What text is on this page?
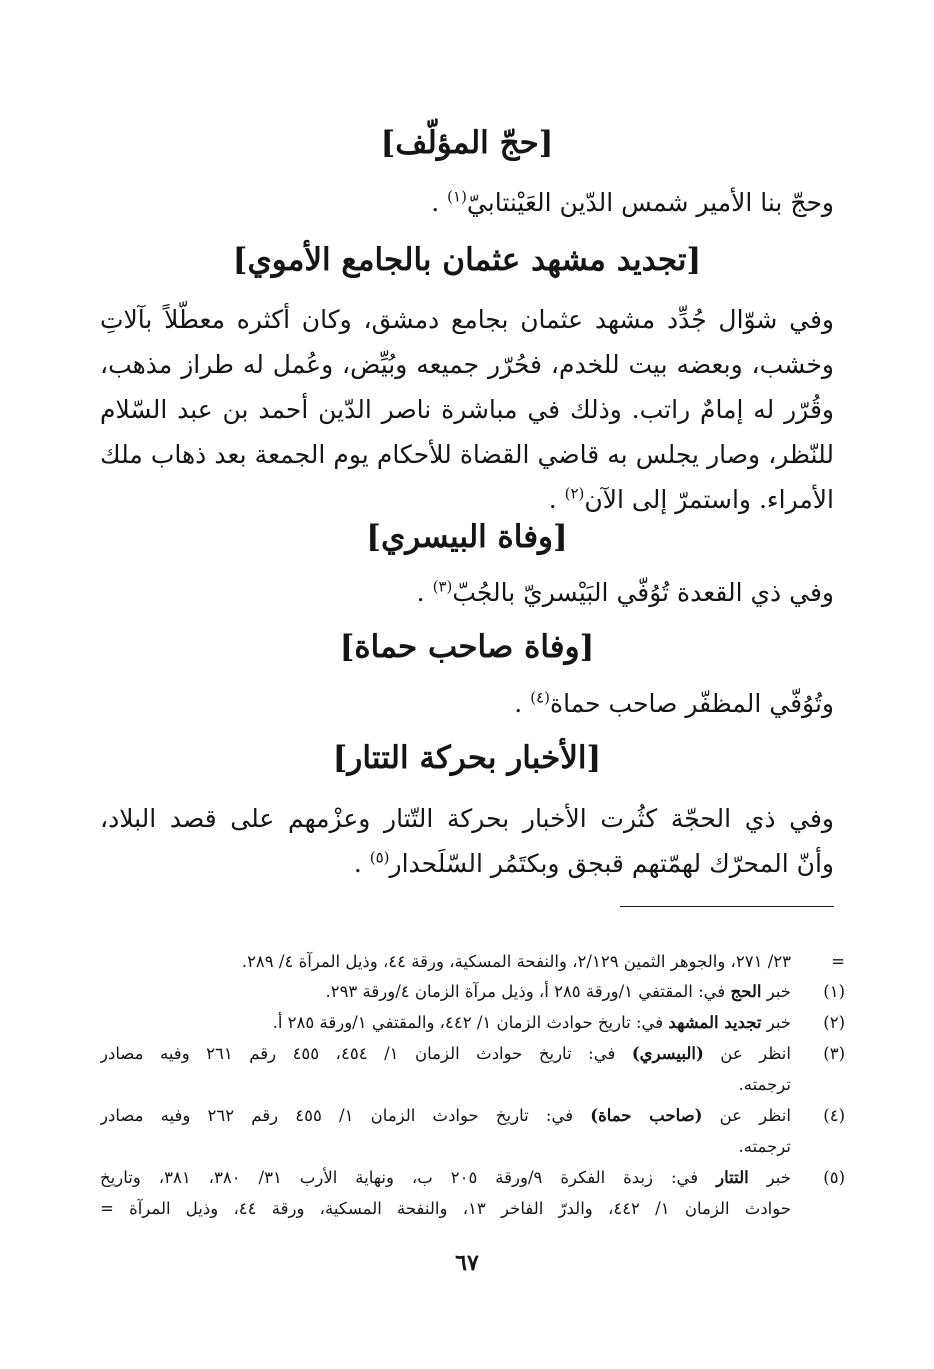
[حجّ المؤلّف]
وحجّ بنا الأمير شمس الدّين العَيْنتابيّ$^{(١)}$ .
[تجديد مشهد عثمان بالجامع الأموي]
وفي شوّال جُدِّد مشهد عثمان بجامع دمشق، وكان أكثره معطّلاً بآلاتِ
وخشب، وبعضه بيت للخدم، فحُرّر جميعه وبُيِّض، وعُمل له طراز مذهب،
وقُرّر له إمامٌ راتب. وذلك في مباشرة ناصر الدّين أحمد بن عبد السّلام
للنّظر، وصار يجلس به قاضي القضاة للأحكام يوم الجمعة بعد ذهاب ملك
الأمراء. واستمرّ إلى الآن$^{(٢)}$ .
[وفاة البيسري]
وفي ذي القعدة تُوُفّي البَيْسريّ بالجُبّ$^{(٣)}$ .
[وفاة صاحب حماة]
وتُوُفّي المظفّر صاحب حماة$^{(٤)}$ .
[الأخبار بحركة التتار]
وفي ذي الحجّة كثُرت الأخبار بحركة التّتار وعزْمهم على قصد البلاد،
وأنّ المحرّك لهمّتهم قبجق وبكتَمُر السّلَحدار$^{(٥)}$ .
=
٢٣/ ٢٧١، والجوهر الثمين ٢/١٢٩، والنفحة المسكية، ورقة ٤٤، وذيل المرآة ٤/ ٢٨٩.
(١)
خبر الحج في: المقتفي ١/ورقة ٢٨٥ أ، وذيل مرآة الزمان ٤/ورقة ٢٩٣.
(٢)
خبر تجديد المشهد في: تاريخ حوادث الزمان ١/ ٤٤٢، والمقتفي ١/ورقة ٢٨٥ أ.
(٣)
انظر عن (البيسري) في: تاريخ حوادث الزمان ١/ ٤٥٤، ٤٥٥ رقم ٢٦١ وفيه مصادر
ترجمته.
(٤)
انظر عن (صاحب حماة) في: تاريخ حوادث الزمان ١/ ٤٥٥ رقم ٢٦٢ وفيه مصادر
ترجمته.
(٥)
خبر التتار في: زبدة الفكرة ٩/ورقة ٢٠٥ ب، ونهاية الأرب ٣١/ ٣٨٠، ٣٨١، وتاريخ
حوادث الزمان ١/ ٤٤٢، والدرّ الفاخر ١٣، والنفحة المسكية، ورقة ٤٤، وذيل المرآة =
٦٧
